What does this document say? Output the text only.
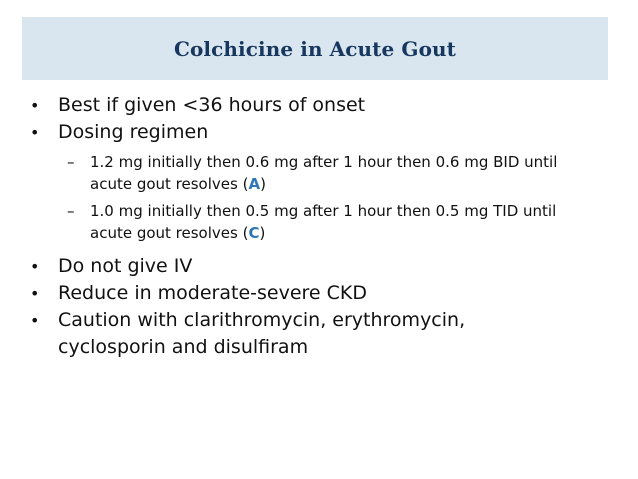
Colchicine in Acute Gout
• Best if given <36 hours of onset
• Dosing regimen
–	1.2 mg initially then 0.6 mg after 1 hour then 0.6 mg BID until acute gout resolves (A)
–	1.0 mg initially then 0.5 mg after 1 hour then 0.5 mg TID until acute gout resolves (C)
• Do not give IV
• Reduce in moderate-severe CKD
• Caution with clarithromycin, erythromycin, cyclosporin and disulfiram
